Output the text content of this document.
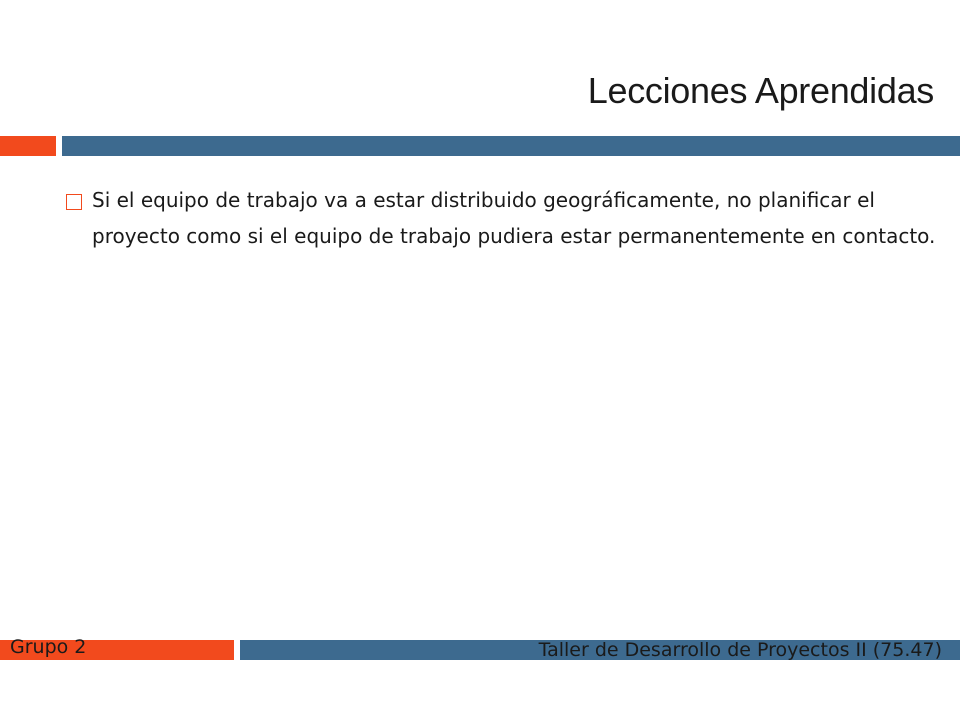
Lecciones Aprendidas
Si el equipo de trabajo va a estar distribuido geográficamente, no planificar el proyecto como si el equipo de trabajo pudiera estar permanentemente en contacto.
Grupo 2	Taller de Desarrollo de Proyectos II (75.47)
